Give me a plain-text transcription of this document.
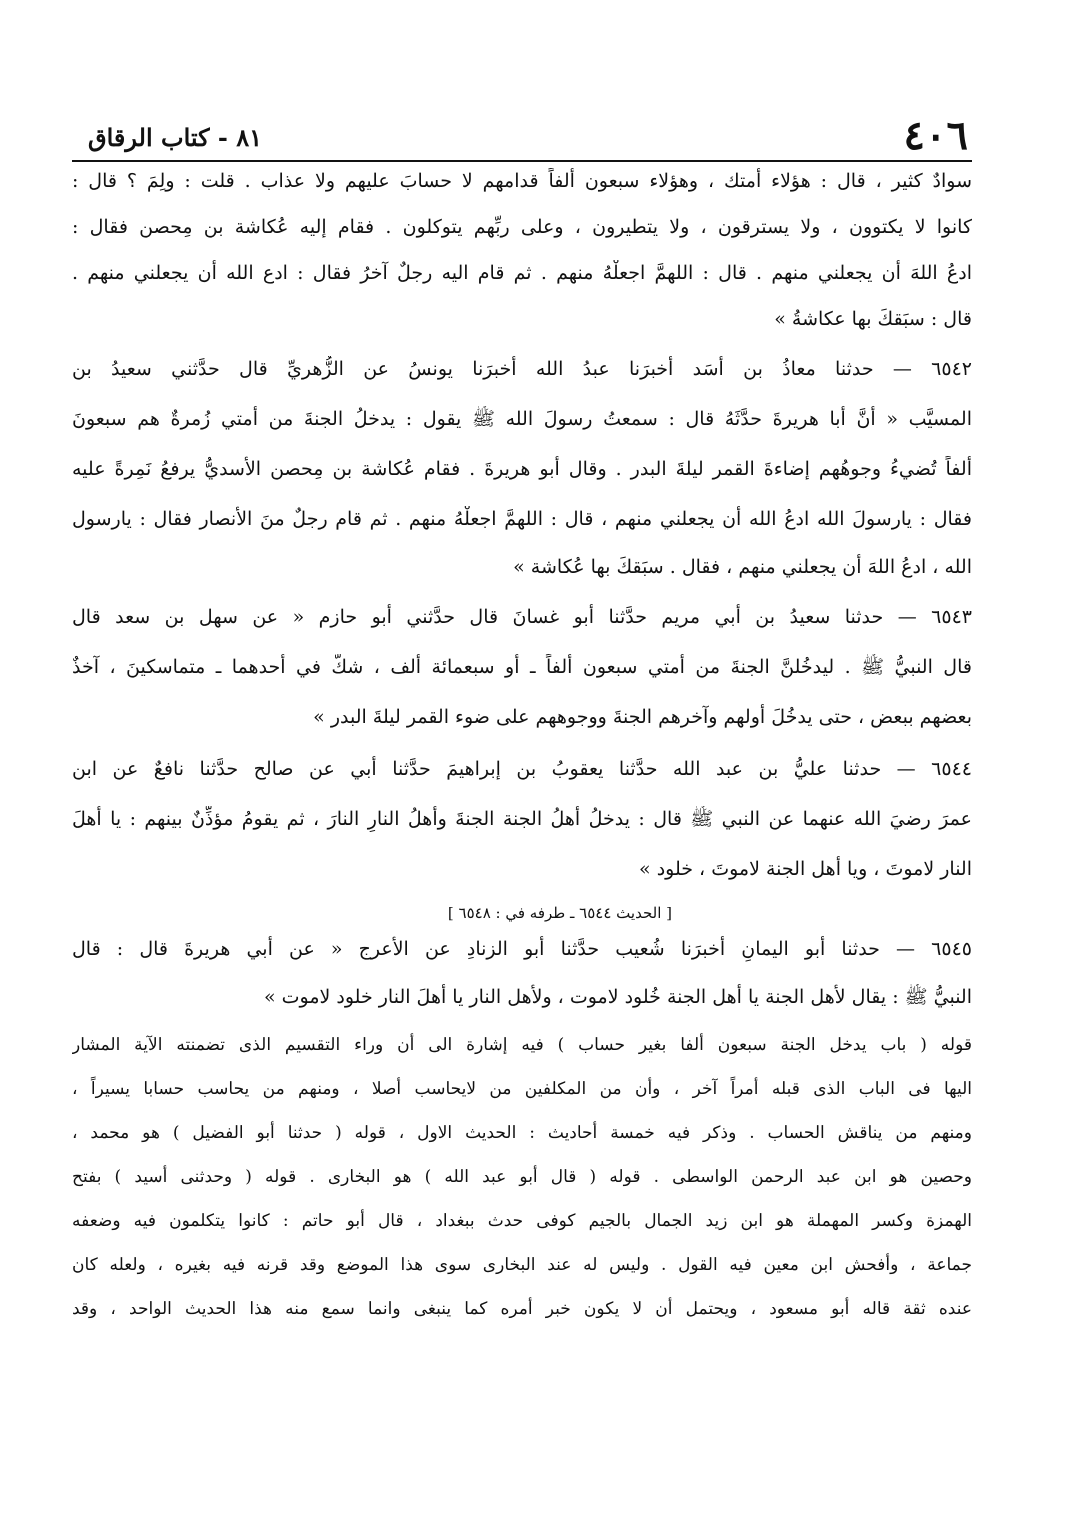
٤٠٦
٨١ - كتاب الرقاق
سوادٌ كثير ، قال : هؤلاء أمتك ، وهؤلاء سبعون ألفاً قدامهم لا حسابَ عليهم ولا عذاب . قلت : ولِمَ ؟ قال :
كانوا لا يكتوون ، ولا يسترقون ، ولا يتطيرون ، وعلى ربِّهم يتوكلون . فقام إليه عُكاشة بن مِحصن فقال :
ادعُ اللهَ أن يجعلني منهم . قال : اللهمَّ اجعلْهُ منهم . ثم قام اليه رجلٌ آخرُ فقال : ادع الله أن يجعلني منهم .
قال : سبَقكَ بها عكاشةُ »
٦٥٤٢ — حدثنا معاذُ بن أسَد أخبرَنا عبدُ الله أخبرَنا يونسُ عن الزُّهريِّ قال حدَّثني سعيدُ بن
المسيَّب « أنَّ أبا هريرةَ حدَّثَهُ قال : سمعتُ رسولَ الله ﷺ يقول : يدخلُ الجنةَ من أُمتي زُمرةٌ هم سبعونَ
ألفاً تُضيءُ وجوهُهم إضاءةَ القمر ليلةَ البدر . وقال أبو هريرةَ . فقام عُكاشة بن مِحصن الأسديُّ يرفعُ نَمِرةً عليه
فقال : يارسولَ الله ادعُ الله أن يجعلني منهم ، قال : اللهمَّ اجعلْهُ منهم . ثم قام رجلٌ منَ الأنصار فقال : يارسول
الله ، ادعُ اللهَ أن يجعلني منهم ، فقال . سبَقكَ بها عُكاشة »
٦٥٤٣ — حدثنا سعيدُ بن أبي مريم حدَّثنا أبو غسانَ قال حدَّثني أبو حازم « عن سهل بن سعد قال
قال النبيُّ ﷺ . ليدخُلنَّ الجنةَ من أمتي سبعون ألفاً ـ أو سبعمائة ألف ، شكَّ في أحدهما ـ متماسكينَ ، آخذٌ
بعضهم ببعض ، حتى يدخُلَ أولهم وآخرهم الجنةَ ووجوههم على ضوء القمر ليلةَ البدر »
٦٥٤٤ — حدثنا عليُّ بن عبد الله حدَّثنا يعقوبُ بن إبراهيمَ حدَّثنا أبي عن صالح حدَّثنا نافعٌ عن ابن
عمرَ رضيَ الله عنهما عن النبي ﷺ قال : يدخلُ أهلُ الجنة الجنةَ وأهلُ النارِ النارَ ، ثم يقومُ مؤذِّنٌ بينهم : يا أهلَ
النار لاموتَ ، ويا أهل الجنة لاموتَ ، خلود »
[ الحديث ٦٥٤٤ ـ طرفه في : ٦٥٤٨ ]
٦٥٤٥ — حدثنا أبو اليمانِ أخبرَنا شُعيب حدَّثنا أبو الزنادِ عن الأعرج « عن أبي هريرةَ قال : قال
النبيُّ ﷺ : يقال لأهل الجنة يا أهل الجنة خُلود لاموت ، ولأهل النار يا أهلَ النار خلود لاموت »
قوله ( باب يدخل الجنة سبعون ألفا بغير حساب ) فيه إشارة الى أن وراء التقسيم الذى تضمنته الآية المشار
اليها فى الباب الذى قبله أمراً آخر ، وأن من المكلفين من لايحاسب أصلا ، ومنهم من يحاسب حسابا يسيراً ،
ومنهم من يناقش الحساب . وذكر فيه خمسة أحاديث : الحديث الاول ، قوله ( حدثنا أبو الفضيل ) هو محمد ،
وحصين هو ابن عبد الرحمن الواسطى . قوله ( قال أبو عبد الله ) هو البخارى . قوله ( وحدثنى أسيد ) بفتح
الهمزة وكسر المهملة هو ابن زيد الجمال بالجيم كوفى حدث ببغداد ، قال أبو حاتم : كانوا يتكلمون فيه وضعفه
جماعة ، وأفحش ابن معين فيه القول . وليس له عند البخارى سوى هذا الموضع وقد قرنه فيه بغيره ، ولعله كان
عنده ثقة قاله أبو مسعود ، ويحتمل أن لا يكون خبر أمره كما ينبغى وانما سمع منه هذا الحديث الواحد ، وقد
